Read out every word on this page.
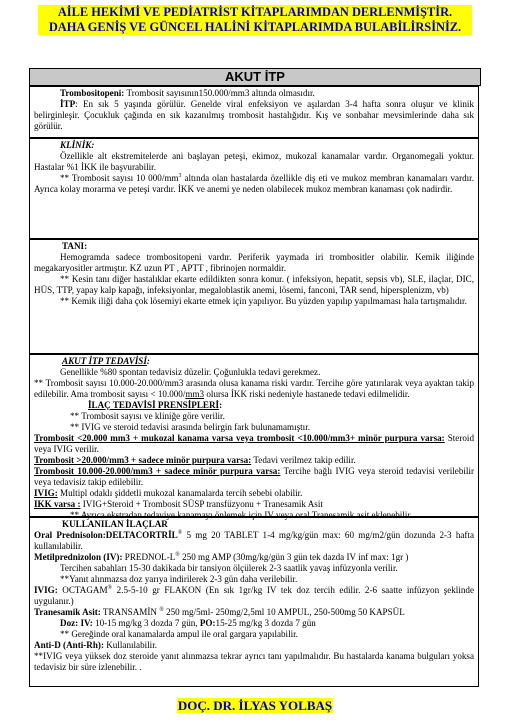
AİLE HEKİMİ VE PEDİATRİST KİTAPLARIMDAN DERLENMİŞTİR.
DAHA GENİŞ VE GÜNCEL HALİNİ KİTAPLARIMDA BULABİLİRSİNİZ.
AKUT İTP

Trombositopeni: Trombosit sayısının150.000/mm3 altında olmasıdır.

İTP: En sık 5 yaşında görülür. Genelde viral enfeksiyon ve aşılardan 3-4 hafta sonra oluşur ve klinik belirginleşir. Çocukluk çağında en sık kazanılmış trombosit hastalığıdır. Kış ve sonbahar mevsimlerinde daha sık görülür.

KLİNİK:

Özellikle alt ekstremitelerde ani başlayan peteşi, ekimoz, mukozal kanamalar vardır. Organomegali yoktur. Hastalar %1 İKK ile başvurabilir.

** Trombosit sayısı 10 $000/mm^3$ altında olan hastalarda özellikle diş eti ve mukoz membran kanamaları vardır. Ayrıca kolay morarma ve peteşi vardır. İKK ve anemi ye neden olabilecek mukoz membran kanaması çok nadirdir.

TANI:

Hemogramda sadece trombositopeni vardır. Periferik yaymada iri trombositler olabilir. Kemik iliğinde megakaryositler artmıştır. KZ uzun PT , APTT , fibrinojen normaldir.

** Kesin tanı diğer hastalıklar ekarte edildikten sonra konur. ( infeksiyon, hepatit, sepsis vb), SLE, ilaçlar, DIC, HÜS, TTP, yapay kalp kapağı, infeksiyonlar, megaloblastik anemi, lösemi, fanconi, TAR send, hipersplenizm, vb)

** Kemik iliği daha çok lösemiyi ekarte etmek için yapılıyor. Bu yüzden yapılıp yapılmaması hala tartışmalıdır.

AKUT İTP TEDAVİSİ:

Genellikle %80 spontan tedavisiz düzelir. Çoğunlukla tedavi gerekmez.

** Trombosit sayısı 10.000-20.000/mm3 arasında olusa kanama riski vardır. Tercihe göre yatırılarak veya ayaktan takip edilebilir. Ama trombosit sayısı < 10.000/mm3 olursa İKK riski nedeniyle hastanede tedavi edilmelidir.

İLAÇ TEDAVİSİ PRENSİPLERİ:

** Trombosit sayısı ve kliniğe göre verilir.

** IVIG ve steroid tedavisi arasında belirgin fark bulunamamıştır.

Trombosit <20.000 mm3 + mukozal kanama varsa veya trombosit <10.000/mm3+ minör purpura varsa: Steroid veya IVIG verilir.

Trombosit >20.000/mm3 + sadece minör purpura varsa: Tedavi verilmez takip edilir.

Trombosit 10.000-20.000/mm3 + sadece minör purpura varsa: Tercihe bağlı IVIG veya steroid tedavisi verilebilir veya tedavisiz takip edilebilir.

IVIG: Multipl odaklı şiddetli mukozal kanamalarda tercih sebebi olabilir.

IKK varsa : IVIG+Steroid + Trombosit SÜSP transfüzyonu + Tranesamik Asit

** Ayrıca ekstradan tedaviye kanamayı önlemek için IV veya oral Tranesamik asit eklenebilir.

KULLANILAN İLAÇLAR

Oral Prednisolon:DELTACORTRİL® 5 mg 20 TABLET 1-4 mg/kg/gün max: 60 mg/m2/gün dozunda 2-3 hafta kullanılabilir.

Metilprednizolon (IV): PREDNOL-L® 250 mg AMP (30mg/kg/gün 3 gün tek dazda IV inf max: 1gr )

Tercihen sabahları 15-30 dakikada bir tansiyon ölçülerek 2-3 saatlik yavaş infüzyonla verilir.

**Yanıt alınmazsa doz yarıya indirilerek 2-3 gün daha verilebilir.

IVIG: OCTAGAM® 2.5-5-10 gr FLAKON (En sık 1gr/kg IV tek doz tercih edilir. 2-6 saatte infüzyon şeklinde uygulanır.)

Tranesamik Asit: TRANSAMİN ® 250 mg/5ml- 250mg/2,5ml 10 AMPUL, 250-500mg 50 KAPSÜL

Doz: IV: 10-15 mg/kg 3 dozda 7 gün, PO:15-25 mg/kg 3 dozda 7 gün

** Gereğinde oral kanamalarda ampul ile oral gargara yapılabilir.

Anti-D (Anti-Rh): Kullanılabilir.

**IVIG veya yüksek doz steroide yanıt alınmazsa tekrar ayrıcı tanı yapılmalıdır. Bu hastalarda kanama bulguları yoksa tedavisiz bir süre izlenebilir. .

DOÇ. DR. İLYAS YOLBAŞ
